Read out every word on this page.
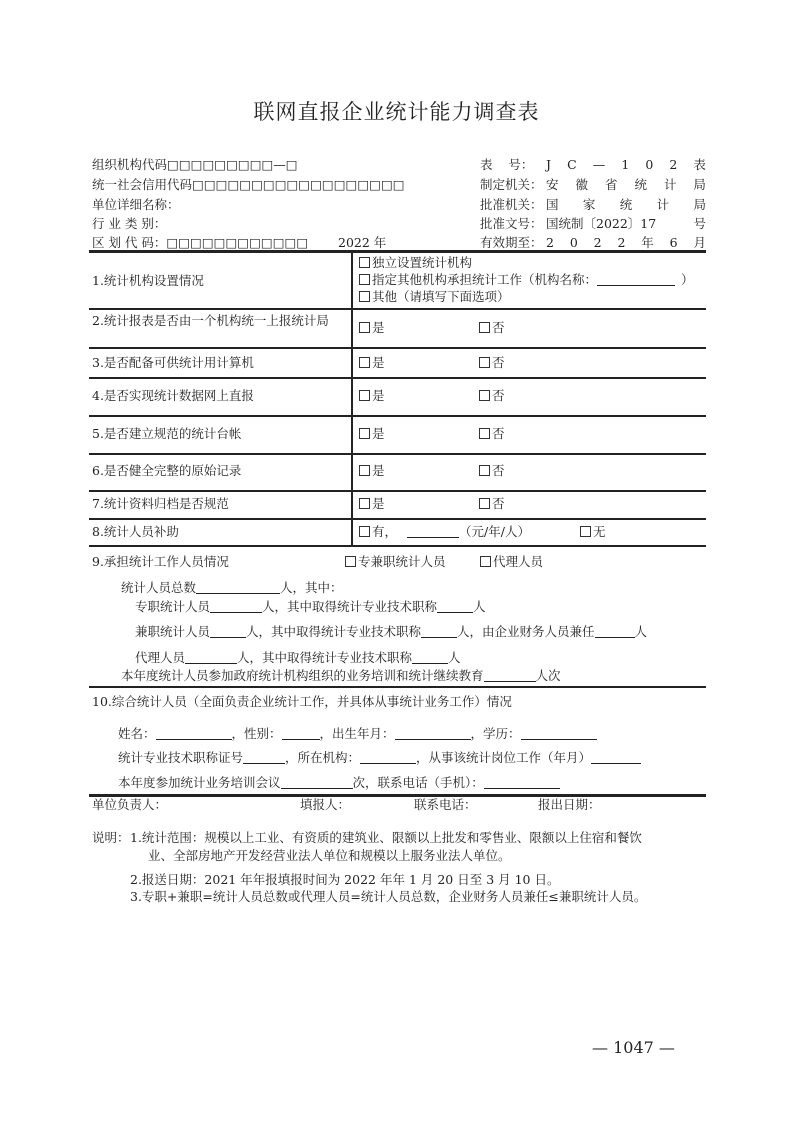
联网直报企业统计能力调查表
组织机构代码□□□□□□□□□—□
统一社会信用代码□□□□□□□□□□□□□□□□□□
单位详细名称：
行 业 类 别：
区 划 代 码：□□□□□□□□□□□□ 2022 年
表    号：	J C — 1 0 2 表
制定机关： 安 徽 省 统 计 局
批准机关： 国 家 统 计 局
批准文号： 国统制〔2022〕17	号
有效期至： 2 0 2 2 年 6 月
1.统计机构设置情况
独立设置统计机构
指定其他机构承担统计工作（机构名称：	）
其他（请填写下面选项）
2.统计报表是否由一个机构统一上报统计局	是	否
3.是否配备可供统计用计算机	是	否
4.是否实现统计数据网上直报	是	否
5.是否建立规范的统计台帐	是	否
6.是否健全完整的原始记录	是	否
7.统计资料归档是否规范	是	否
8.统计人员补助	有，	（元/年/人）	无
9.承担统计工作人员情况	专兼职统计人员	代理人员
统计人员总数	人，其中：
专职统计人员	人，其中取得统计专业技术职称	人
兼职统计人员	人，其中取得统计专业技术职称	人，由企业财务人员兼任	人
代理人员	人，其中取得统计专业技术职称	人
本年度统计人员参加政府统计机构组织的业务培训和统计继续教育	人次
10.综合统计人员（全面负责企业统计工作，并具体从事统计业务工作）情况
姓名：	，性别：	，出生年月：	，学历：
统计专业技术职称证号	，所在机构：	，从事该统计岗位工作（年月）
本年度参加统计业务培训会议	次，联系电话（手机）：
单位负责人：	填报人：	联系电话：	报出日期：
说明： 1.统计范围：规模以上工业、有资质的建筑业、限额以上批发和零售业、限额以上住宿和餐饮
业、全部房地产开发经营业法人单位和规模以上服务业法人单位。
2.报送日期：2021 年年报填报时间为 2022 年年 1 月 20 日至 3 月 10 日。
3.专职+兼职=统计人员总数或代理人员=统计人员总数，企业财务人员兼任≤兼职统计人员。
— 1047 —
